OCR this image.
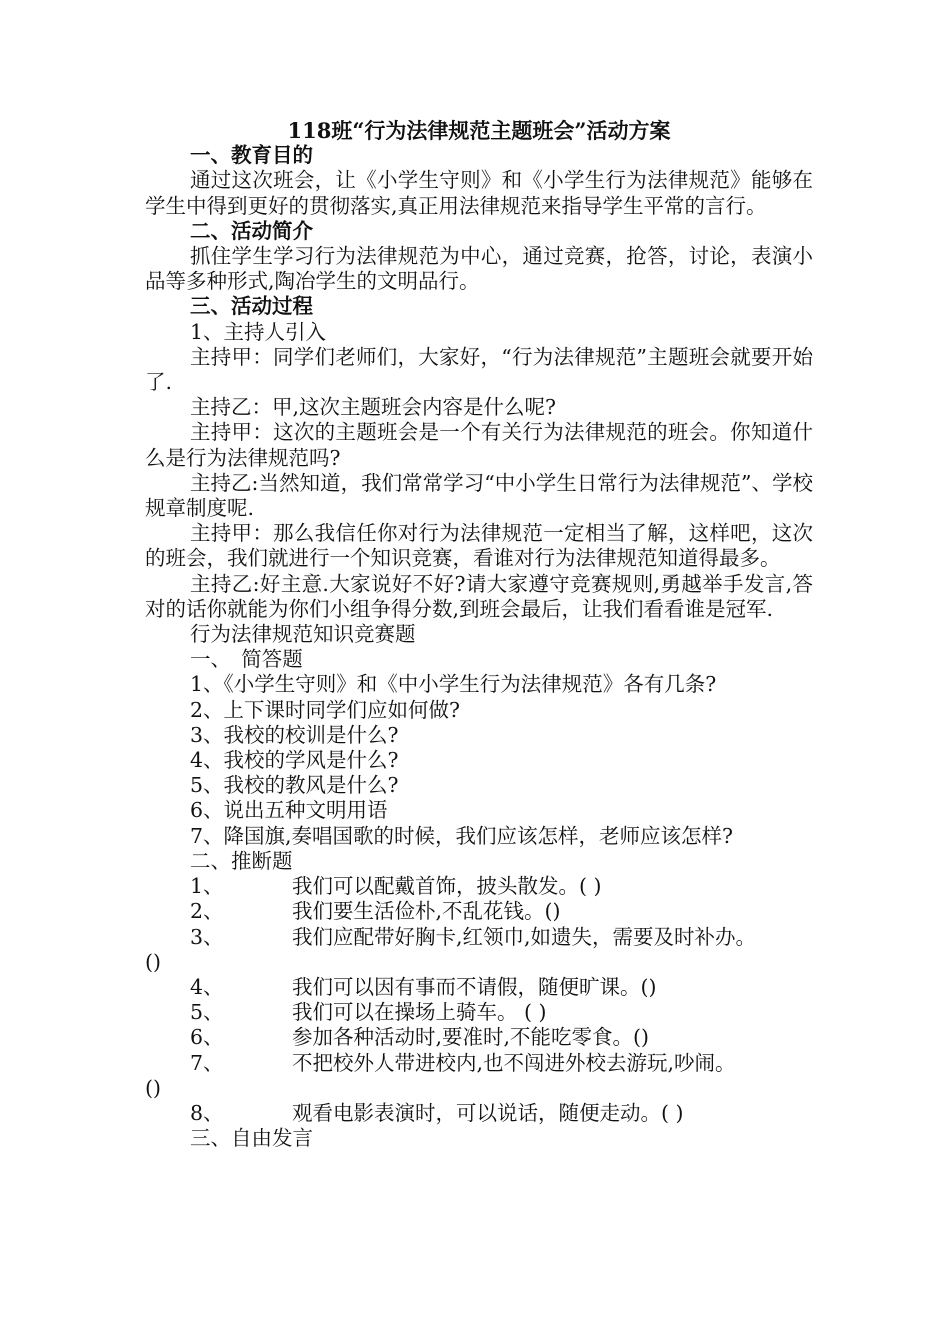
118班“行为法律规范主题班会”活动方案
一、教育目的
通过这次班会，让《小学生守则》和《小学生行为法律规范》能够在学生中得到更好的贯彻落实,真正用法律规范来指导学生平常的言行。
二、活动简介
抓住学生学习行为法律规范为中心，通过竞赛，抢答，讨论，表演小品等多种形式,陶冶学生的文明品行。
三、活动过程
1、主持人引入
主持甲：同学们老师们，大家好，“行为法律规范”主题班会就要开始了.
主持乙：甲,这次主题班会内容是什么呢?
主持甲：这次的主题班会是一个有关行为法律规范的班会。你知道什么是行为法律规范吗?
主持乙:当然知道，我们常常学习“中小学生日常行为法律规范”、学校规章制度呢.
主持甲：那么我信任你对行为法律规范一定相当了解，这样吧，这次的班会，我们就进行一个知识竞赛，看谁对行为法律规范知道得最多。
主持乙:好主意.大家说好不好?请大家遵守竞赛规则,勇越举手发言,答对的话你就能为你们小组争得分数,到班会最后，让我们看看谁是冠军.
行为法律规范知识竞赛题
一、　简答题
1、《小学生守则》和《中小学生行为法律规范》各有几条?
2、上下课时同学们应如何做?
3、我校的校训是什么?
4、我校的学风是什么?
5、我校的教风是什么?
6、说出五种文明用语
7、降国旗,奏唱国歌的时候，我们应该怎样，老师应该怎样?
二、推断题
1、	我们可以配戴首饰，披头散发。( )
2、	我们要生活俭朴,不乱花钱。()
3、	我们应配带好胸卡,红领巾,如遗失，需要及时补办。
()
4、	我们可以因有事而不请假，随便旷课。()
5、	我们可以在操场上骑车。 ( )
6、	参加各种活动时,要准时,不能吃零食。()
7、	不把校外人带进校内,也不闯进外校去游玩,吵闹。
()
8、	观看电影表演时，可以说话，随便走动。( )
三、自由发言
